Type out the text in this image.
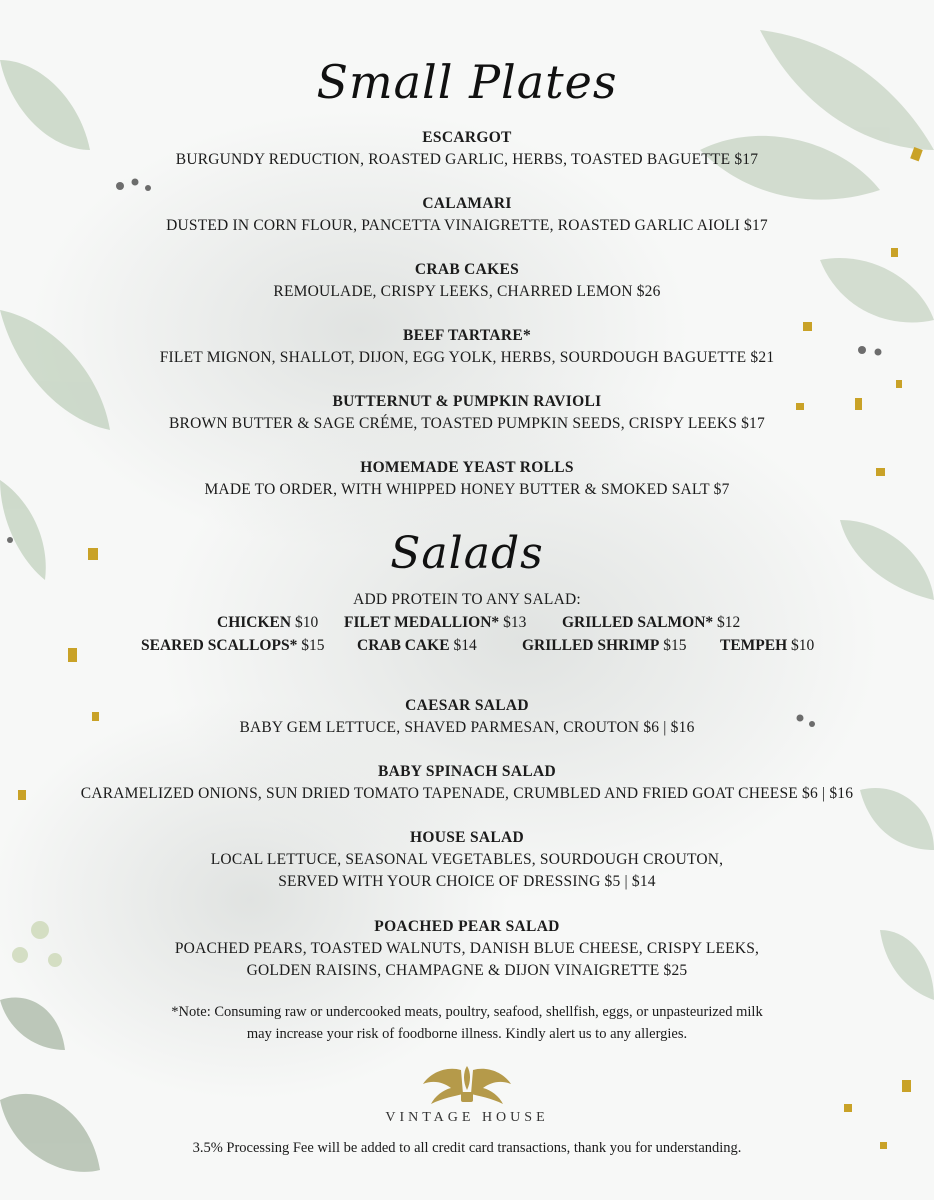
Small Plates
ESCARGOT
BURGUNDY REDUCTION, ROASTED GARLIC, HERBS, TOASTED BAGUETTE $17
CALAMARI
DUSTED IN CORN FLOUR, PANCETTA VINAIGRETTE, ROASTED GARLIC AIOLI $17
CRAB CAKES
REMOULADE, CRISPY LEEKS, CHARRED LEMON $26
BEEF TARTARE*
FILET MIGNON, SHALLOT, DIJON, EGG YOLK, HERBS, SOURDOUGH BAGUETTE $21
BUTTERNUT & PUMPKIN RAVIOLI
BROWN BUTTER & SAGE CRÉME, TOASTED PUMPKIN SEEDS, CRISPY LEEKS $17
HOMEMADE YEAST ROLLS
MADE TO ORDER, WITH WHIPPED HONEY BUTTER & SMOKED SALT $7
Salads
ADD PROTEIN TO ANY SALAD:
CHICKEN $10 FILET MEDALLION* $13 GRILLED SALMON* $12
SEARED SCALLOPS* $15 CRAB CAKE $14	GRILLED SHRIMP $15 TEMPEH $10
CAESAR SALAD
BABY GEM LETTUCE, SHAVED PARMESAN, CROUTON $6 | $16
BABY SPINACH SALAD
CARAMELIZED ONIONS, SUN DRIED TOMATO TAPENADE, CRUMBLED AND FRIED GOAT CHEESE $6 | $16
HOUSE SALAD
LOCAL LETTUCE, SEASONAL VEGETABLES, SOURDOUGH CROUTON,
SERVED WITH YOUR CHOICE OF DRESSING $5 | $14
POACHED PEAR SALAD
POACHED PEARS, TOASTED WALNUTS, DANISH BLUE CHEESE, CRISPY LEEKS,
GOLDEN RAISINS, CHAMPAGNE & DIJON VINAIGRETTE $25
*Note: Consuming raw or undercooked meats, poultry, seafood, shellfish, eggs, or unpasteurized milk
may increase your risk of foodborne illness. Kindly alert us to any allergies.
VINTAGE HOUSE
3.5% Processing Fee will be added to all credit card transactions, thank you for understanding.
